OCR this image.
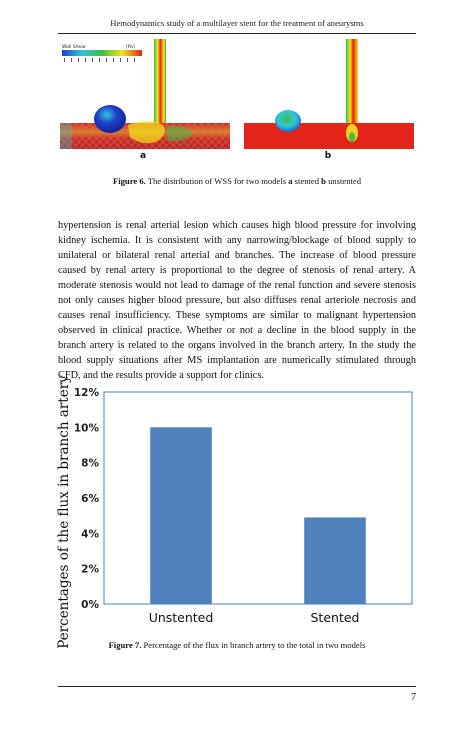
Hemodynamics study of a multilayer stent for the treatment of aneurysms
Wall Shear	[Pa]
a	b
Figure 6. The distribution of WSS for two models a stented b unstented

hypertension is renal arterial lesion which causes high blood pressure for involving kidney ischemia. It is consistent with any narrowing/blockage of blood supply to unilateral or bilateral renal arterial and branches. The increase of blood pressure caused by renal artery is proportional to the degree of stenosis of renal artery. A moderate stenosis would not lead to damage of the renal function and severe stenosis not only causes higher blood pressure, but also diffuses renal arteriole necrosis and causes renal insufficiency. These symptoms are similar to malignant hypertension observed in clinical practice. Whether or not a decline in the blood supply in the branch artery is related to the organs involved in the branch artery. In the study the blood supply situations after MS implantation are numerically stimulated through CFD, and the results provide a support for clinics.

Percentages of the flux in branch artery 0%
2%
4%
6%
8%
10%
12%
Unstented	Stented
Figure 7. Percentage of the flux in branch artery to the total in two models
7
